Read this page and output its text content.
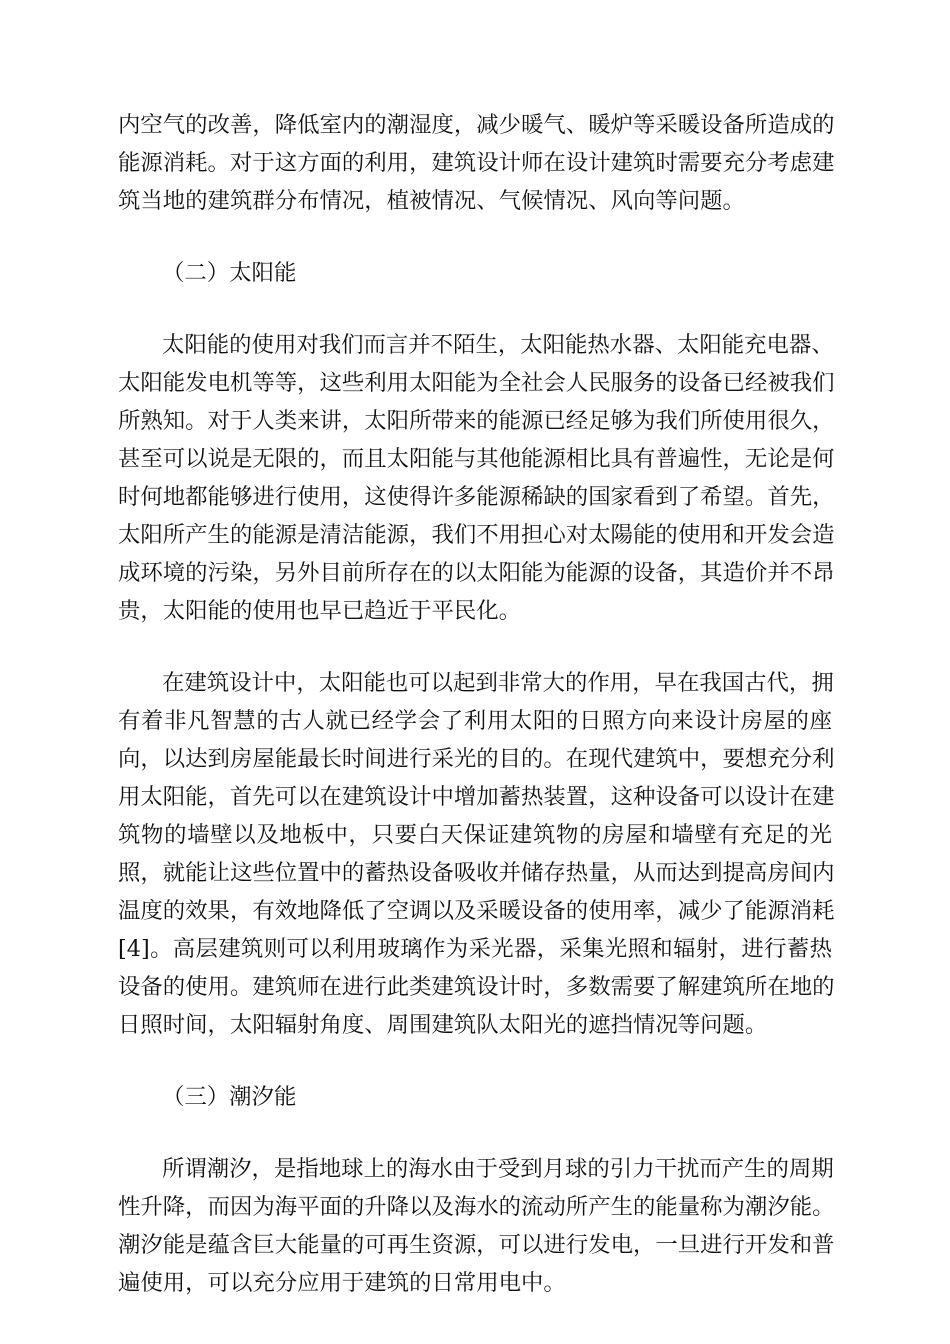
内空气的改善，降低室内的潮湿度，减少暖气、暖炉等采暖设备所造成的
能源消耗。对于这方面的利用，建筑设计师在设计建筑时需要充分考虑建
筑当地的建筑群分布情况，植被情况、气候情况、风向等问题。
（二）太阳能
太阳能的使用对我们而言并不陌生，太阳能热水器、太阳能充电器、
太阳能发电机等等，这些利用太阳能为全社会人民服务的设备已经被我们
所熟知。对于人类来讲，太阳所带来的能源已经足够为我们所使用很久，
甚至可以说是无限的，而且太阳能与其他能源相比具有普遍性，无论是何
时何地都能够进行使用，这使得许多能源稀缺的国家看到了希望。首先，
太阳所产生的能源是清洁能源，我们不用担心对太陽能的使用和开发会造
成环境的污染，另外目前所存在的以太阳能为能源的设备，其造价并不昂
贵，太阳能的使用也早已趋近于平民化。
在建筑设计中，太阳能也可以起到非常大的作用，早在我国古代，拥
有着非凡智慧的古人就已经学会了利用太阳的日照方向来设计房屋的座
向，以达到房屋能最长时间进行采光的目的。在现代建筑中，要想充分利
用太阳能，首先可以在建筑设计中增加蓄热装置，这种设备可以设计在建
筑物的墙壁以及地板中，只要白天保证建筑物的房屋和墙壁有充足的光
照，就能让这些位置中的蓄热设备吸收并储存热量，从而达到提高房间内
温度的效果，有效地降低了空调以及采暖设备的使用率，减少了能源消耗
[4]。高层建筑则可以利用玻璃作为采光器，采集光照和辐射，进行蓄热
设备的使用。建筑师在进行此类建筑设计时，多数需要了解建筑所在地的
日照时间，太阳辐射角度、周围建筑队太阳光的遮挡情况等问题。
（三）潮汐能
所谓潮汐，是指地球上的海水由于受到月球的引力干扰而产生的周期
性升降，而因为海平面的升降以及海水的流动所产生的能量称为潮汐能。
潮汐能是蕴含巨大能量的可再生资源，可以进行发电，一旦进行开发和普
遍使用，可以充分应用于建筑的日常用电中。
